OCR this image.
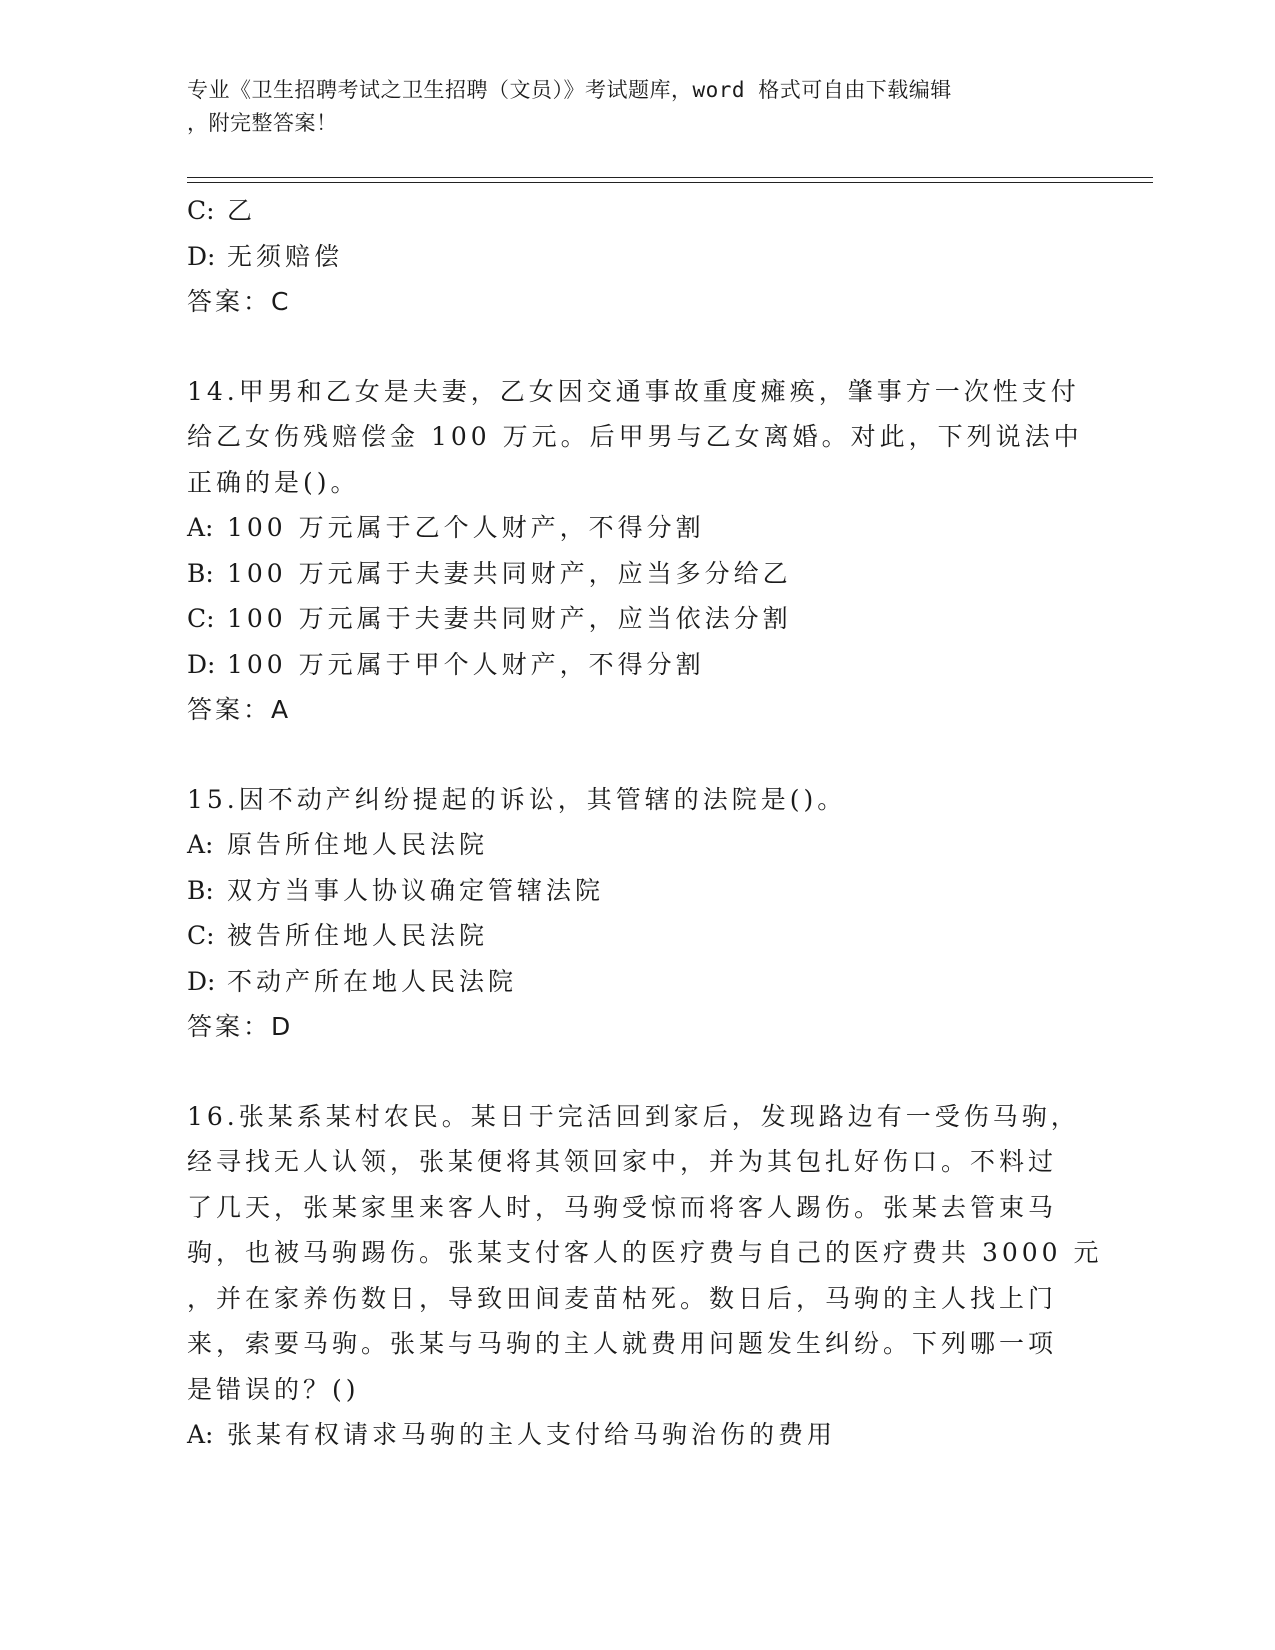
专业《卫生招聘考试之卫生招聘（文员）》考试题库，word 格式可自由下载编辑
，附完整答案！
C: 乙
D: 无须赔偿
答案：C
14.甲男和乙女是夫妻，乙女因交通事故重度瘫痪，肇事方一次性支付
给乙女伤残赔偿金 100 万元。后甲男与乙女离婚。对此，下列说法中
正确的是()。
A: 100 万元属于乙个人财产，不得分割
B: 100 万元属于夫妻共同财产，应当多分给乙
C: 100 万元属于夫妻共同财产，应当依法分割
D: 100 万元属于甲个人财产，不得分割
答案：A
15.因不动产纠纷提起的诉讼，其管辖的法院是()。
A: 原告所住地人民法院
B: 双方当事人协议确定管辖法院
C: 被告所住地人民法院
D: 不动产所在地人民法院
答案：D
16.张某系某村农民。某日于完活回到家后，发现路边有一受伤马驹，
经寻找无人认领，张某便将其领回家中，并为其包扎好伤口。不料过
了几天，张某家里来客人时，马驹受惊而将客人踢伤。张某去管束马
驹，也被马驹踢伤。张某支付客人的医疗费与自己的医疗费共 3000 元
，并在家养伤数日，导致田间麦苗枯死。数日后，马驹的主人找上门
来，索要马驹。张某与马驹的主人就费用问题发生纠纷。下列哪一项
是错误的？()
A: 张某有权请求马驹的主人支付给马驹治伤的费用
